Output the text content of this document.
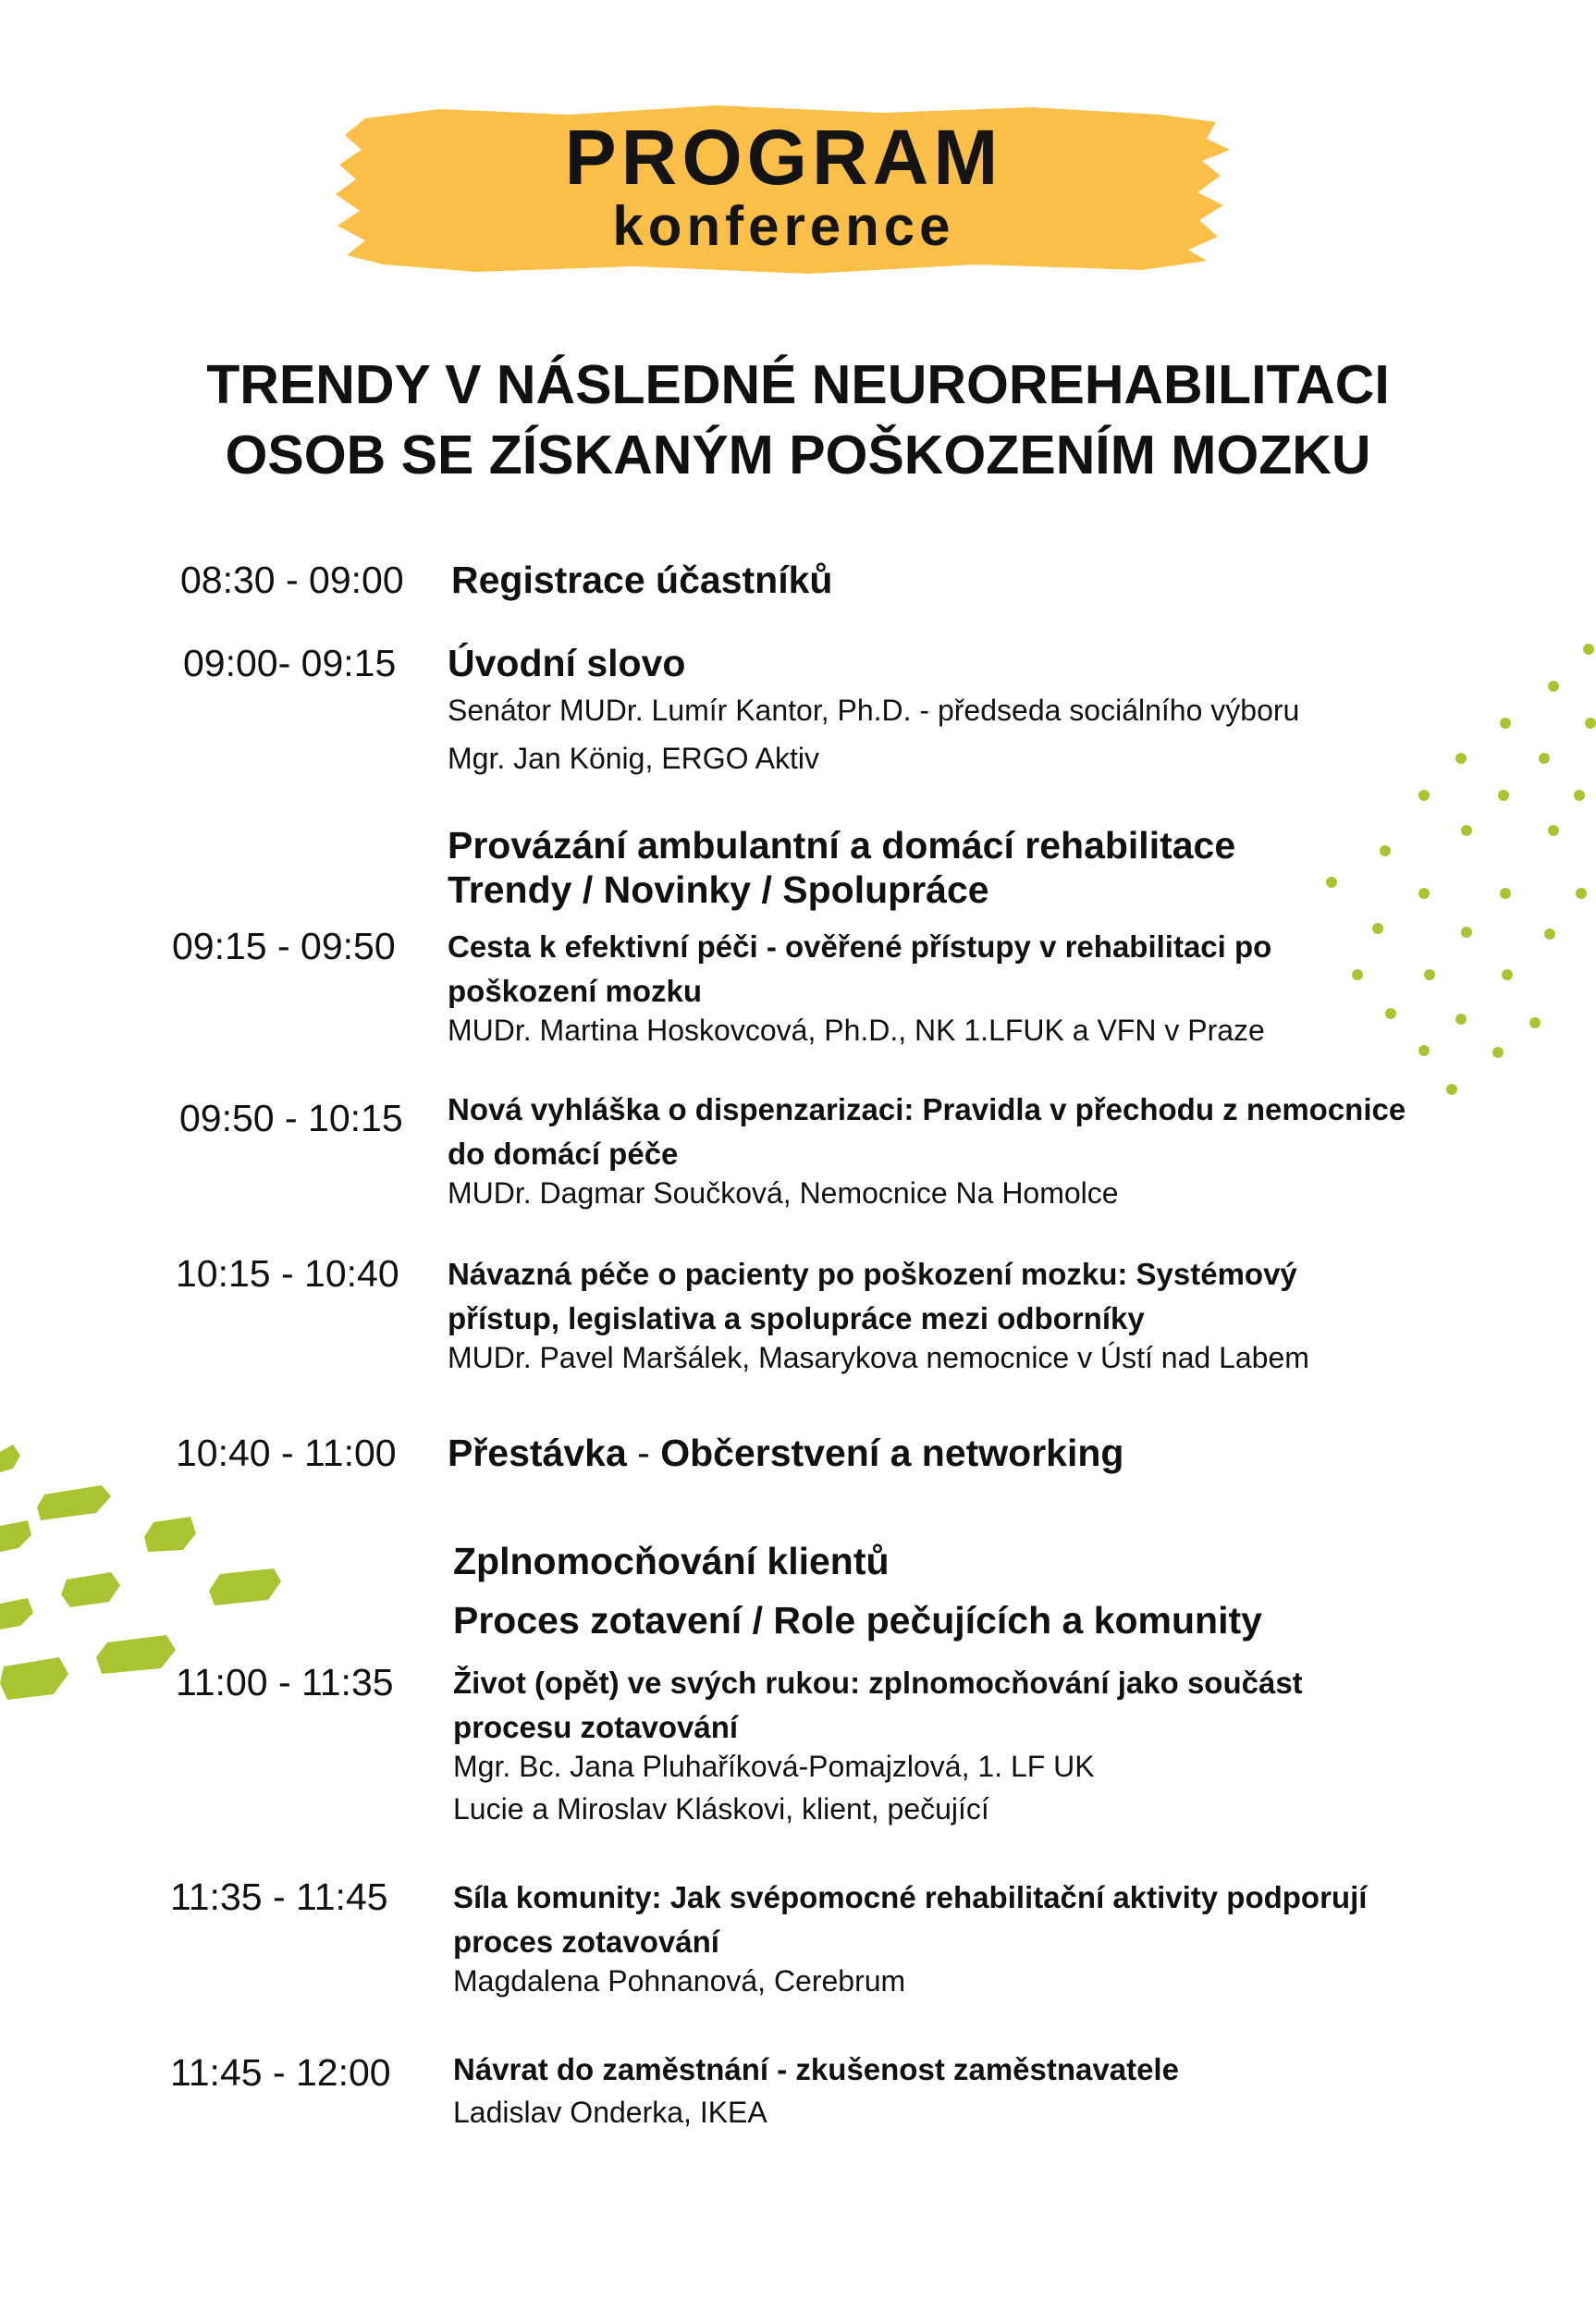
PROGRAM
konference
TRENDY V NÁSLEDNÉ NEUROREHABILITACI
OSOB SE ZÍSKANÝM POŠKOZENÍM MOZKU
08:30 - 09:00 Registrace účastníků
09:00- 09:15 Úvodní slovo
Senátor MUDr. Lumír Kantor, Ph.D. - předseda sociálního výboru
Mgr. Jan König, ERGO Aktiv
Provázání ambulantní a domácí rehabilitace
Trendy / Novinky / Spolupráce
09:15 - 09:50 Cesta k efektivní péči - ověřené přístupy v rehabilitaci po
poškození mozku
MUDr. Martina Hoskovcová, Ph.D., NK 1.LFUK a VFN v Praze
09:50 - 10:15 Nová vyhláška o dispenzarizaci: Pravidla v přechodu z nemocnice
do domácí péče
MUDr. Dagmar Součková, Nemocnice Na Homolce
10:15 - 10:40 Návazná péče o pacienty po poškození mozku: Systémový
přístup, legislativa a spolupráce mezi odborníky
MUDr. Pavel Maršálek, Masarykova nemocnice v Ústí nad Labem
10:40 - 11:00 Přestávka - Občerstvení a networking
Zplnomocňování klientů
Proces zotavení / Role pečujících a komunity
11:00 - 11:35 Život (opět) ve svých rukou: zplnomocňování jako součást
procesu zotavování
Mgr. Bc. Jana Pluhaříková-Pomajzlová, 1. LF UK
Lucie a Miroslav Kláskovi, klient, pečující
11:35 - 11:45 Síla komunity: Jak svépomocné rehabilitační aktivity podporují
proces zotavování
Magdalena Pohnanová, Cerebrum
11:45 - 12:00 Návrat do zaměstnání - zkušenost zaměstnavatele
Ladislav Onderka, IKEA
